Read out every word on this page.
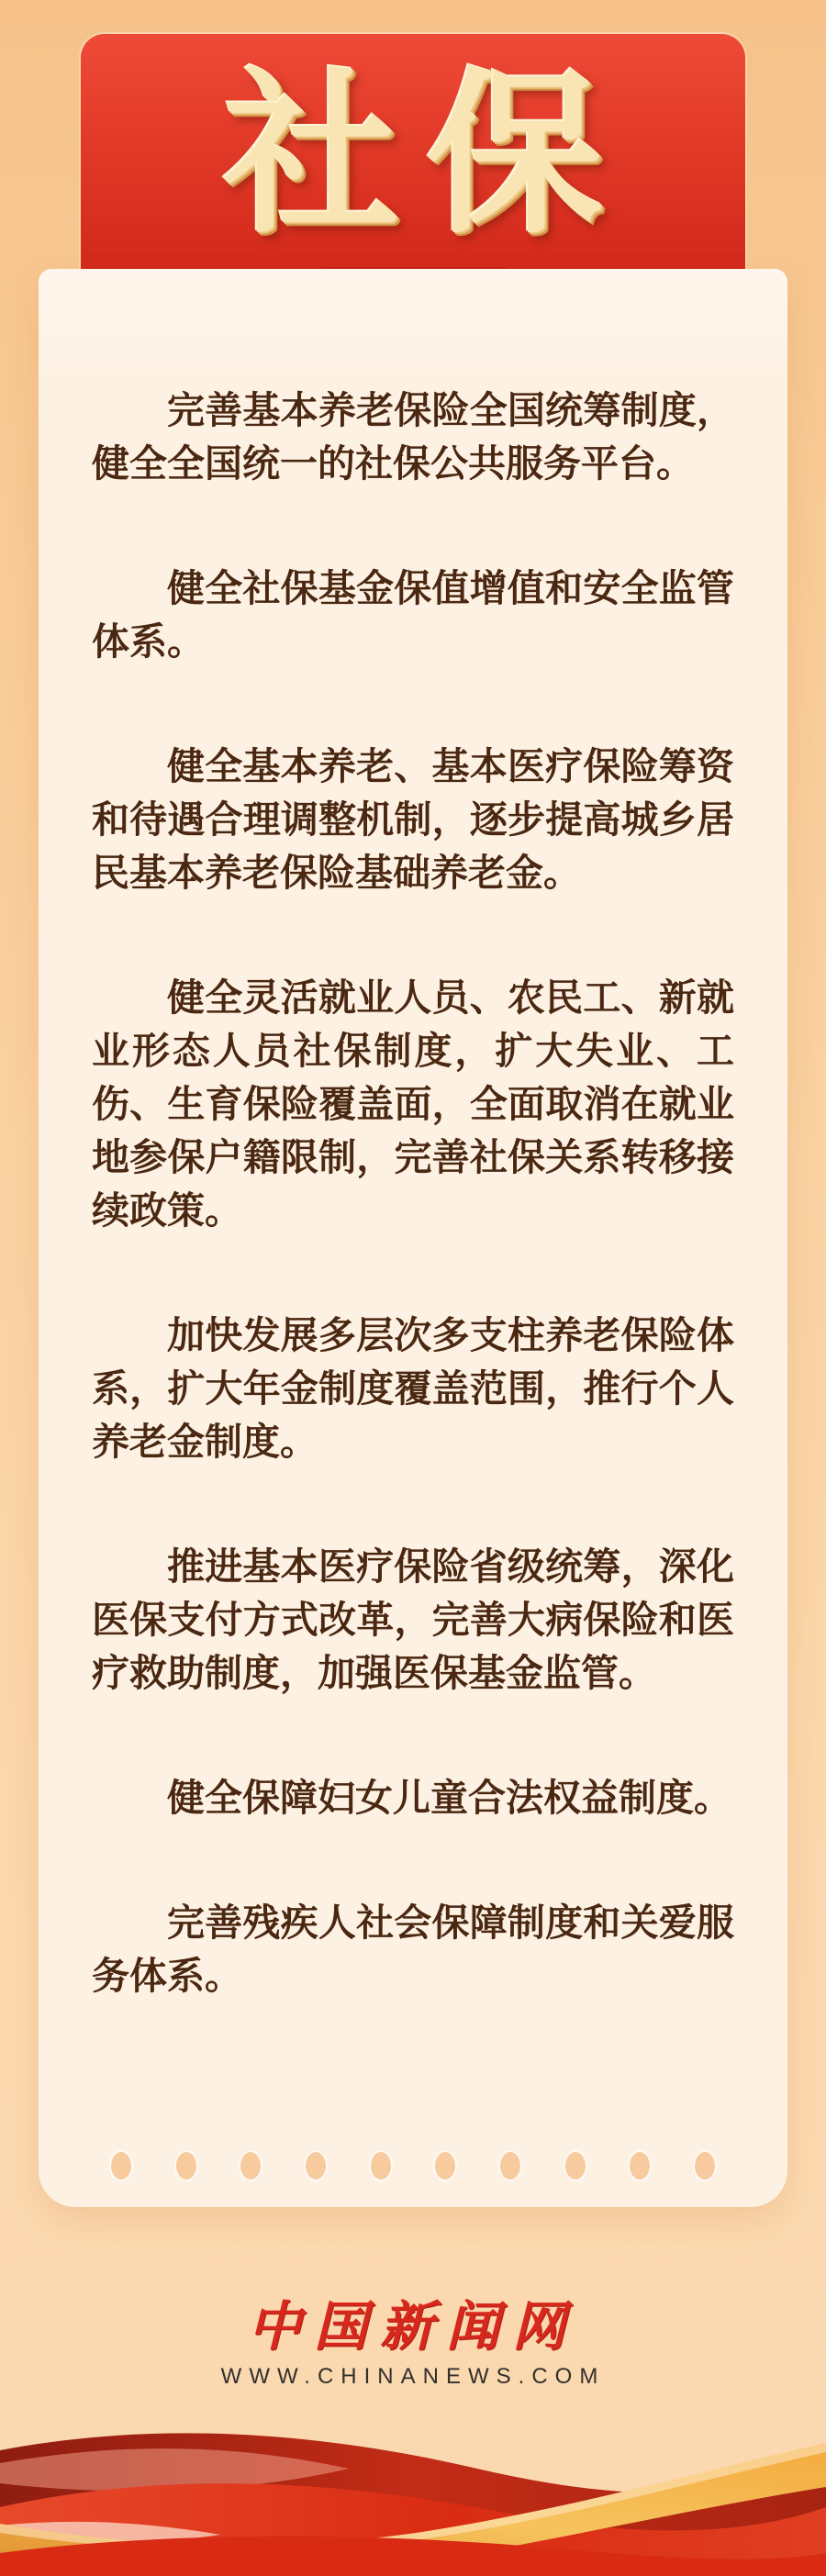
社保

完善基本养老保险全国统筹制度，健全全国统一的社保公共服务平台。

健全社保基金保值增值和安全监管体系。

健全基本养老、基本医疗保险筹资和待遇合理调整机制，逐步提高城乡居民基本养老保险基础养老金。

健全灵活就业人员、农民工、新就业形态人员社保制度，扩大失业、工伤、生育保险覆盖面，全面取消在就业地参保户籍限制，完善社保关系转移接续政策。

加快发展多层次多支柱养老保险体系，扩大年金制度覆盖范围，推行个人养老金制度。

推进基本医疗保险省级统筹，深化医保支付方式改革，完善大病保险和医疗救助制度，加强医保基金监管。

健全保障妇女儿童合法权益制度。

完善残疾人社会保障制度和关爱服务体系。

中国新闻网
WWW.CHINANEWS.COM
